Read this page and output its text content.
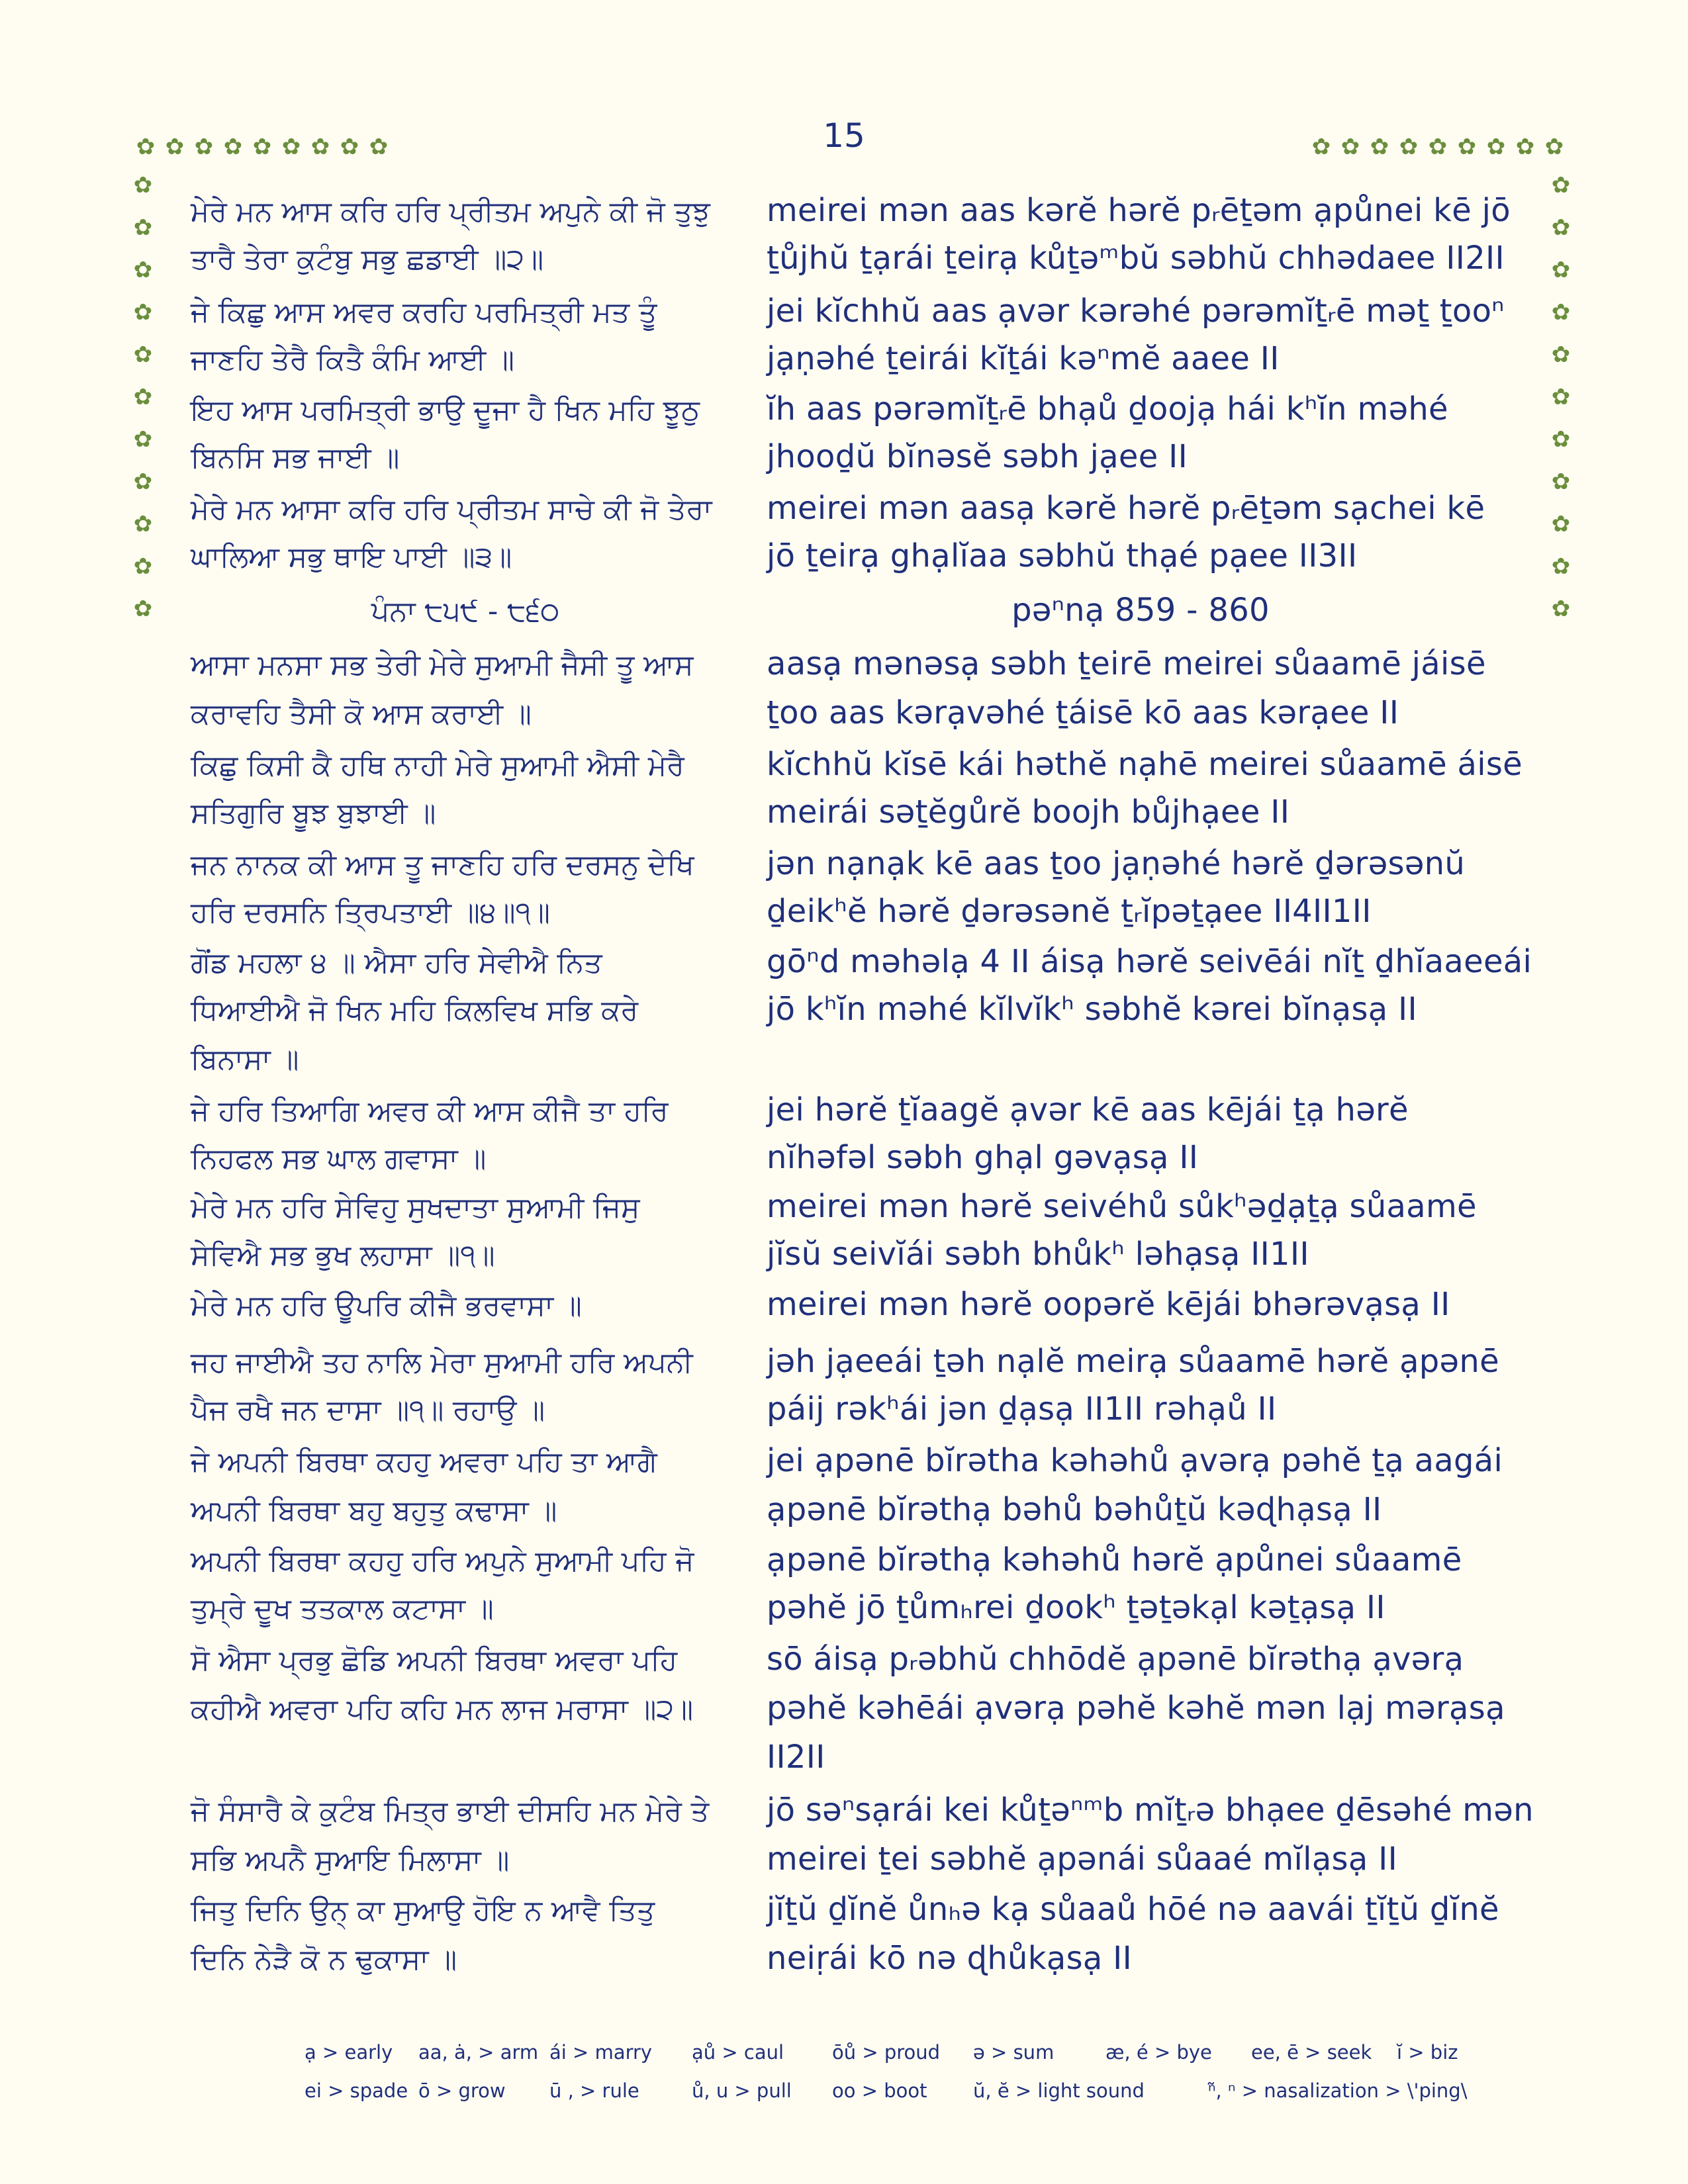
15
✿ ✿ ✿ ✿ ✿ ✿ ✿ ✿ ✿	✿ ✿ ✿ ✿ ✿ ✿ ✿ ✿ ✿
✿
✿
✿
✿
✿
✿
✿
✿
✿
✿
✿
✿
✿
✿
✿
✿
✿
✿
✿
✿
✿
✿
ਮੇਰੇ ਮਨ ਆਸ ਕਰਿ ਹਰਿ ਪ੍ਰੀਤਮ ਅਪੁਨੇ ਕੀ ਜੋ ਤੁਝੁ
ਤਾਰੈ ਤੇਰਾ ਕੁਟੰਬੁ ਸਭੁ ਛਡਾਈ ॥੨॥
ਜੇ ਕਿਛੁ ਆਸ ਅਵਰ ਕਰਹਿ ਪਰਮਿਤ੍ਰੀ ਮਤ ਤੂੰ
ਜਾਣਹਿ ਤੇਰੈ ਕਿਤੈ ਕੰਮਿ ਆਈ ॥
ਇਹ ਆਸ ਪਰਮਿਤ੍ਰੀ ਭਾਉ ਦੂਜਾ ਹੈ ਖਿਨ ਮਹਿ ਝੂਠੁ
ਬਿਨਸਿ ਸਭ ਜਾਈ ॥
ਮੇਰੇ ਮਨ ਆਸਾ ਕਰਿ ਹਰਿ ਪ੍ਰੀਤਮ ਸਾਚੇ ਕੀ ਜੋ ਤੇਰਾ
ਘਾਲਿਆ ਸਭੁ ਥਾਇ ਪਾਈ ॥੩॥
ਪੰਨਾ ੮੫੯ - ੮੬੦
ਆਸਾ ਮਨਸਾ ਸਭ ਤੇਰੀ ਮੇਰੇ ਸੁਆਮੀ ਜੈਸੀ ਤੂ ਆਸ
ਕਰਾਵਹਿ ਤੈਸੀ ਕੋ ਆਸ ਕਰਾਈ ॥
ਕਿਛੁ ਕਿਸੀ ਕੈ ਹਥਿ ਨਾਹੀ ਮੇਰੇ ਸੁਆਮੀ ਐਸੀ ਮੇਰੈ
ਸਤਿਗੁਰਿ ਬੂਝ ਬੁਝਾਈ ॥
ਜਨ ਨਾਨਕ ਕੀ ਆਸ ਤੂ ਜਾਣਹਿ ਹਰਿ ਦਰਸਨੁ ਦੇਖਿ
ਹਰਿ ਦਰਸਨਿ ਤ੍ਰਿਪਤਾਈ ॥੪॥੧॥
ਗੋਂਡ ਮਹਲਾ ੪ ॥ ਐਸਾ ਹਰਿ ਸੇਵੀਐ ਨਿਤ
ਧਿਆਈਐ ਜੋ ਖਿਨ ਮਹਿ ਕਿਲਵਿਖ ਸਭਿ ਕਰੇ
ਬਿਨਾਸਾ ॥
ਜੇ ਹਰਿ ਤਿਆਗਿ ਅਵਰ ਕੀ ਆਸ ਕੀਜੈ ਤਾ ਹਰਿ
ਨਿਹਫਲ ਸਭ ਘਾਲ ਗਵਾਸਾ ॥
ਮੇਰੇ ਮਨ ਹਰਿ ਸੇਵਿਹੁ ਸੁਖਦਾਤਾ ਸੁਆਮੀ ਜਿਸੁ
ਸੇਵਿਐ ਸਭ ਭੁਖ ਲਹਾਸਾ ॥੧॥
ਮੇਰੇ ਮਨ ਹਰਿ ਊਪਰਿ ਕੀਜੈ ਭਰਵਾਸਾ ॥
ਜਹ ਜਾਈਐ ਤਹ ਨਾਲਿ ਮੇਰਾ ਸੁਆਮੀ ਹਰਿ ਅਪਨੀ
ਪੈਜ ਰਖੈ ਜਨ ਦਾਸਾ ॥੧॥ ਰਹਾਉ ॥
ਜੇ ਅਪਨੀ ਬਿਰਥਾ ਕਹਹੁ ਅਵਰਾ ਪਹਿ ਤਾ ਆਗੈ
ਅਪਨੀ ਬਿਰਥਾ ਬਹੁ ਬਹੁਤੁ ਕਢਾਸਾ ॥
ਅਪਨੀ ਬਿਰਥਾ ਕਹਹੁ ਹਰਿ ਅਪੁਨੇ ਸੁਆਮੀ ਪਹਿ ਜੋ
ਤੁਮ੍ਰੇ ਦੂਖ ਤਤਕਾਲ ਕਟਾਸਾ ॥
ਸੋ ਐਸਾ ਪ੍ਰਭੁ ਛੋਡਿ ਅਪਨੀ ਬਿਰਥਾ ਅਵਰਾ ਪਹਿ
ਕਹੀਐ ਅਵਰਾ ਪਹਿ ਕਹਿ ਮਨ ਲਾਜ ਮਰਾਸਾ ॥੨॥
ਜੋ ਸੰਸਾਰੈ ਕੇ ਕੁਟੰਬ ਮਿਤ੍ਰ ਭਾਈ ਦੀਸਹਿ ਮਨ ਮੇਰੇ ਤੇ
ਸਭਿ ਅਪਨੈ ਸੁਆਇ ਮਿਲਾਸਾ ॥
ਜਿਤੁ ਦਿਨਿ ਉਨ੍ ਕਾ ਸੁਆਉ ਹੋਇ ਨ ਆਵੈ ਤਿਤੁ
ਦਿਨਿ ਨੇੜੈ ਕੋ ਨ ਢੁਕਾਸਾ ॥
meirei mən aas kərĕ hərĕ pᵣēṯəm ạpůnei kē jō
ṯůjhŭ ṯạrái ṯeirạ kůṯəᵐbŭ səbhŭ chhədaee II2II
jei kĭchhŭ aas ạvər kərəhé pərəmĭṯᵣē məṯ ṯooⁿ
jạṇəhé ṯeirái kĭṯái kəⁿmĕ aaee II
ĭh aas pərəmĭṯᵣē bhạů ḏoojạ hái kʰĭn məhé
jhooḏŭ bĭnəsĕ səbh jạee II
meirei mən aasạ kərĕ hərĕ pᵣēṯəm sạchei kē
jō ṯeirạ ghạlĭaa səbhŭ thạé pạee II3II
pəⁿnạ 859 - 860
aasạ mənəsạ səbh ṯeirē meirei sůaamē jáisē
ṯoo aas kərạvəhé ṯáisē kō aas kərạee II
kĭchhŭ kĭsē kái həthĕ nạhē meirei sůaamē áisē
meirái səṯĕgůrĕ boojh bůjhạee II
jən nạnạk kē aas ṯoo jạṇəhé hərĕ ḏərəsənŭ
ḏeikʰĕ hərĕ ḏərəsənĕ ṯᵣĭpəṯạee II4II1II
gōⁿd məhəlạ 4 II áisạ hərĕ seivēái nĭṯ ḏhĭaaeeái
jō kʰĭn məhé kĭlvĭkʰ səbhĕ kərei bĭnạsạ II
jei hərĕ ṯĭaagĕ ạvər kē aas kējái ṯạ hərĕ
nĭhəfəl səbh ghạl gəvạsạ II
meirei mən hərĕ seivéhů sůkʰəḏạṯạ sůaamē
jĭsŭ seivĭái səbh bhůkʰ ləhạsạ II1II
meirei mən hərĕ oopərĕ kējái bhərəvạsạ II
jəh jạeeái ṯəh nạlĕ meirạ sůaamē hərĕ ạpənē
páij rəkʰái jən ḏạsạ II1II rəhạů II
jei ạpənē bĭrətha kəhəhů ạvərạ pəhĕ ṯạ aagái
ạpənē bĭrəthạ bəhů bəhůṯŭ kəɖhạsạ II
ạpənē bĭrəthạ kəhəhů hərĕ ạpůnei sůaamē
pəhĕ jō ṯůmₕrei ḏookʰ ṯəṯəkạl kəṯạsạ II
sō áisạ pᵣəbhŭ chhōdĕ ạpənē bĭrəthạ ạvərạ
pəhĕ kəhēái ạvərạ pəhĕ kəhĕ mən lạj mərạsạ
II2II
jō səⁿsạrái kei kůṯəⁿᵐb mĭṯᵣə bhạee ḏēsəhé mən
meirei ṯei səbhĕ ạpənái sůaaé mĭlạsạ II
jĭṯŭ ḏĭnĕ ůnₕə kạ sůaaů hōé nə aavái ṯĭṯŭ ḏĭnĕ
neiṛái kō nə ɖhůkạsạ II
ạ > early aa, ȧ, > arm ái > marry ạů > caul	ōů > proud ə > sum	æ, é > bye ee, ē > seek ĭ > biz
ei > spade ō > grow ū , > rule	ů, u > pull oo > boot ŭ, ĕ > light sound	ⁿ̃, ⁿ > nasalization > \'ping\
